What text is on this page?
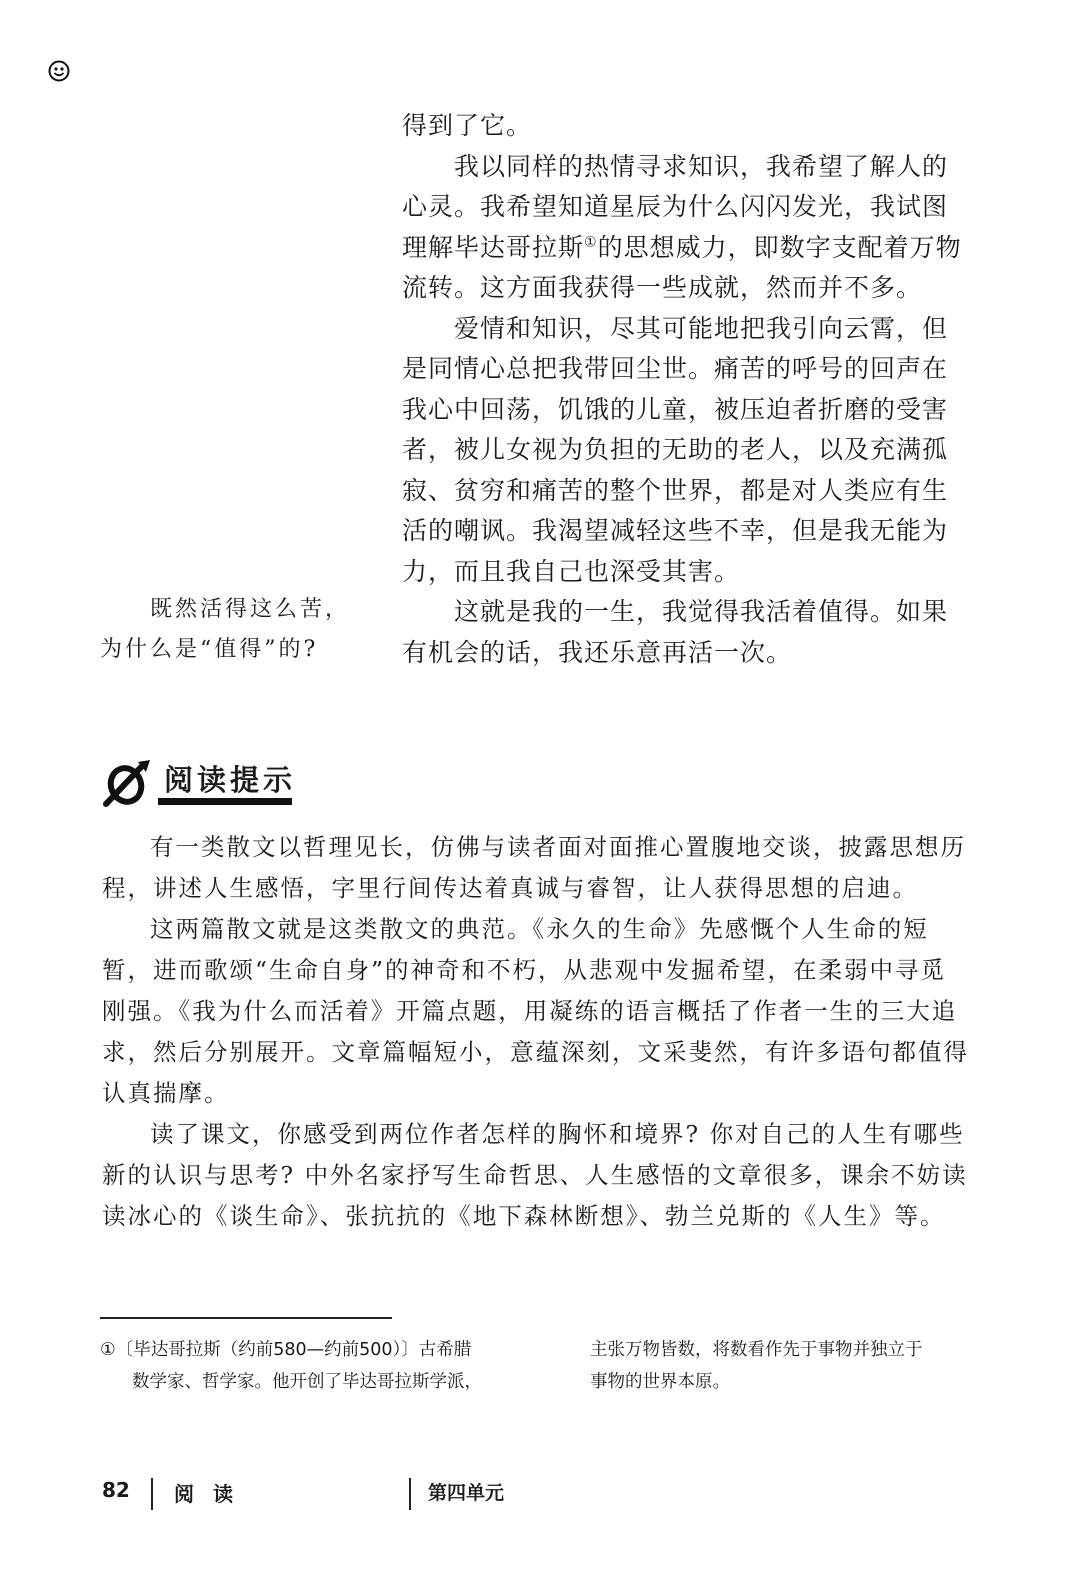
得到了它。

我以同样的热情寻求知识，我希望了解人的心灵。我希望知道星辰为什么闪闪发光，我试图理解毕达哥拉斯①的思想威力，即数字支配着万物流转。这方面我获得一些成就，然而并不多。

爱情和知识，尽其可能地把我引向云霄，但是同情心总把我带回尘世。痛苦的呼号的回声在我心中回荡，饥饿的儿童，被压迫者折磨的受害者，被儿女视为负担的无助的老人，以及充满孤寂、贫穷和痛苦的整个世界，都是对人类应有生活的嘲讽。我渴望减轻这些不幸，但是我无能为力，而且我自己也深受其害。

这就是我的一生，我觉得我活着值得。如果有机会的话，我还乐意再活一次。

既然活得这么苦，

为什么是“值得”的?

阅读提示

有一类散文以哲理见长，仿佛与读者面对面推心置腹地交谈，披露思想历程，讲述人生感悟，字里行间传达着真诚与睿智，让人获得思想的启迪。

这两篇散文就是这类散文的典范。《永久的生命》先感慨个人生命的短暂，进而歌颂“生命自身”的神奇和不朽，从悲观中发掘希望，在柔弱中寻觅刚强。《我为什么而活着》开篇点题，用凝练的语言概括了作者一生的三大追求，然后分别展开。文章篇幅短小，意蕴深刻，文采斐然，有许多语句都值得认真揣摩。

读了课文，你感受到两位作者怎样的胸怀和境界? 你对自己的人生有哪些新的认识与思考? 中外名家抒写生命哲思、人生感悟的文章很多，课余不妨读读冰心的《谈生命》、张抗抗的《地下森林断想》、勃兰兑斯的《人生》等。

①〔毕达哥拉斯（约前580—约前500）〕古希腊

数学家、哲学家。他开创了毕达哥拉斯学派，

主张万物皆数，将数看作先于事物并独立于

事物的世界本原。

82 阅 读	第四单元
